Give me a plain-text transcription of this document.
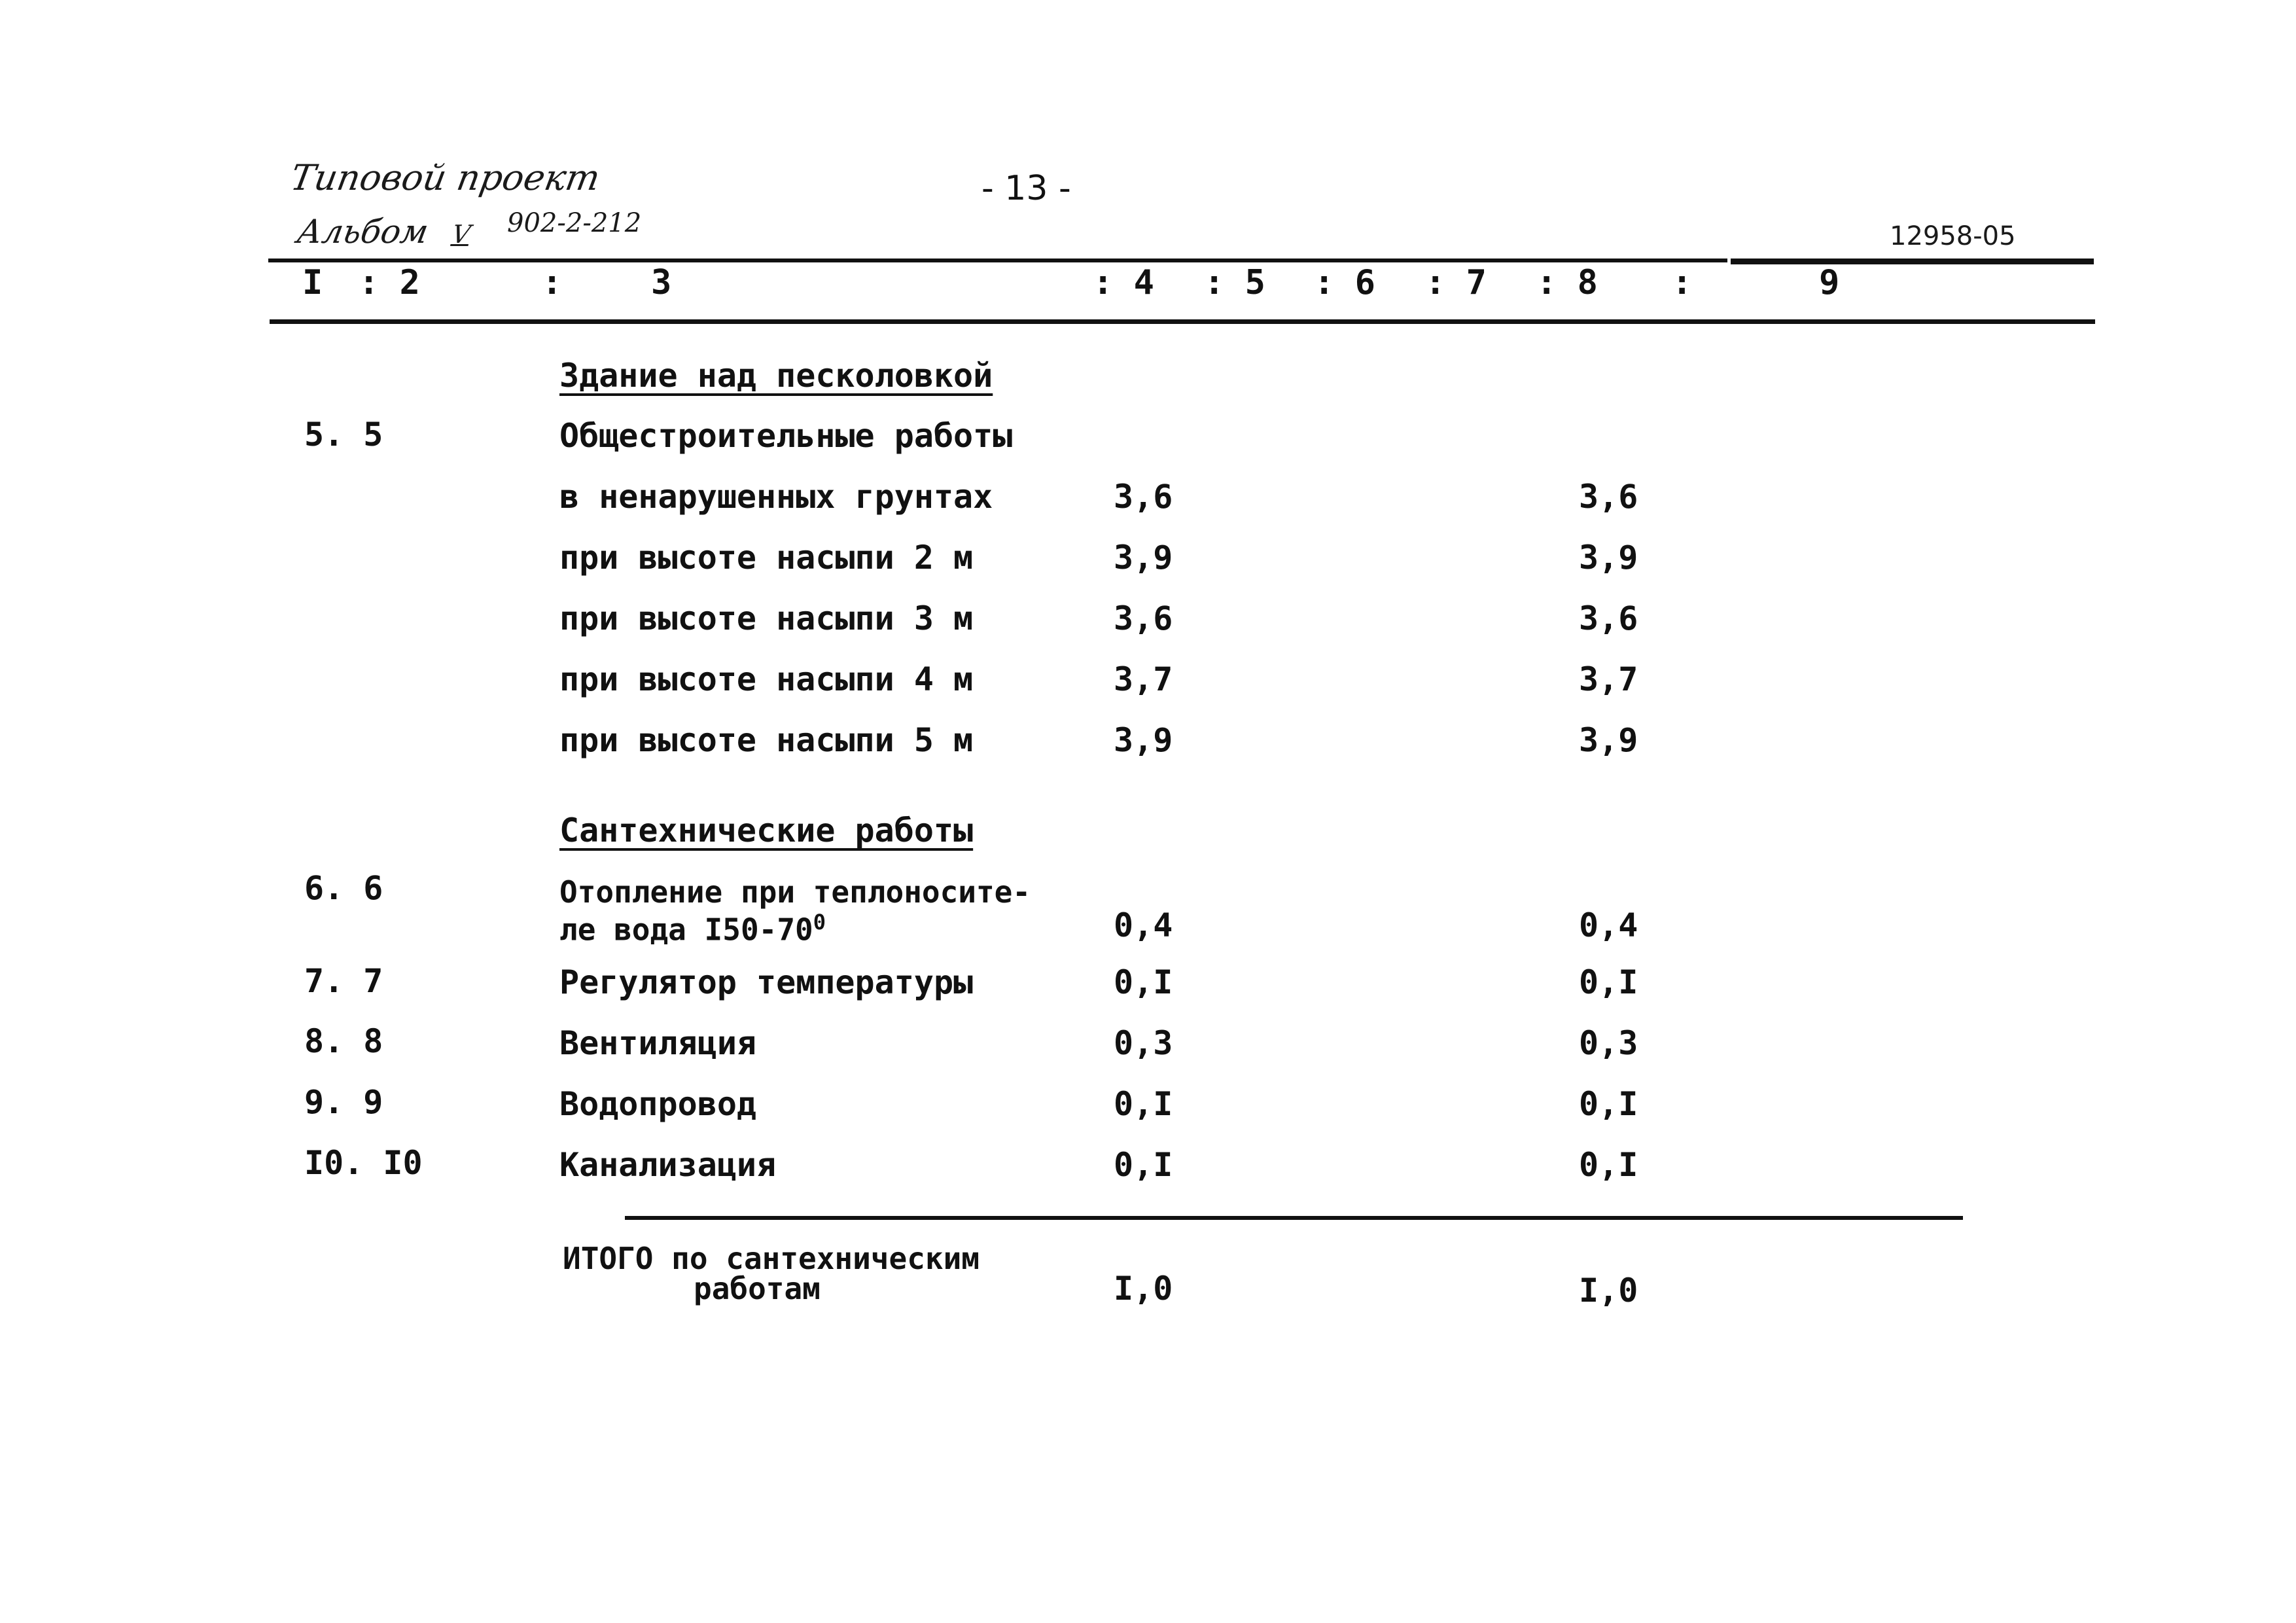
Типовой проект
Альбом V 902-2-212
- 13 -
12958-05
I : 2	:	3	: 4 : 5 : 6 : 7 : 8 :	9
Здание над песколовкой
5. 5	Общестроительные работы
в ненарушенных грунтах	3,6	3,6
при высоте насыпи 2 м	3,9	3,9
при высоте насыпи 3 м	3,6	3,6
при высоте насыпи 4 м	3,7	3,7
при высоте насыпи 5 м	3,9	3,9
Сантехнические работы
6. 6	Отопление при теплоносите-
ле вода $I50-70^0$	0,4	0,4
7. 7	Регулятор температуры	0,I	0,I
8. 8	Вентиляция	0,3	0,3
9. 9	Водопровод	0,I	0,I
I0. I0	Канализация	0,I	0,I
ИТОГО по сантехническим
работам	I,0	I,0
